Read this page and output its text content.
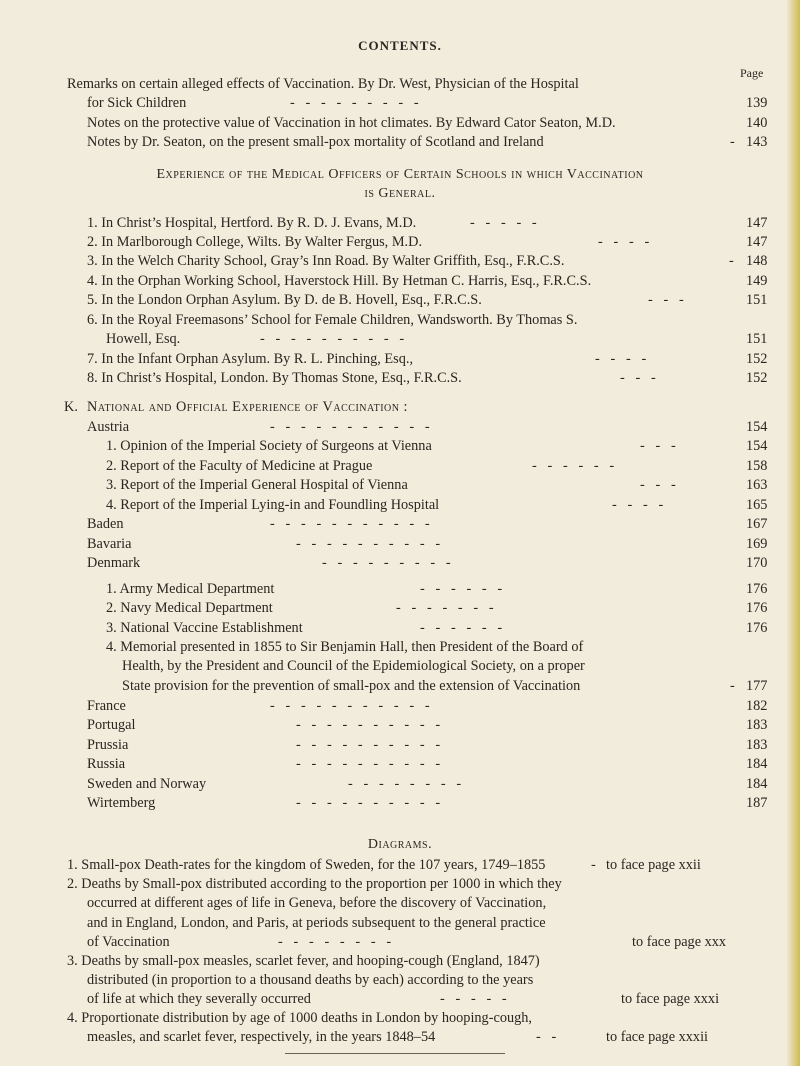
CONTENTS.
Page
Remarks on certain alleged effects of Vaccination. By Dr. West, Physician of the Hospital
for Sick Children	-   -   -   -   -   -   -   -   -	139
Notes on the protective value of Vaccination in hot climates. By Edward Cator Seaton, M.D.	140
Notes by Dr. Seaton, on the present small-pox mortality of Scotland and Ireland	- 143
Experience of the Medical Officers of Certain Schools in which Vaccination
is General.
1. In Christ’s Hospital, Hertford. By R. D. J. Evans, M.D.	-   -   -   -   -	147
2. In Marlborough College, Wilts. By Walter Fergus, M.D.	-   -   -   -	147
3. In the Welch Charity School, Gray’s Inn Road. By Walter Griffith, Esq., F.R.C.S.	- 148
4. In the Orphan Working School, Haverstock Hill. By Hetman C. Harris, Esq., F.R.C.S.	149
5. In the London Orphan Asylum. By D. de B. Hovell, Esq., F.R.C.S.	-   -   -	151
6. In the Royal Freemasons’ School for Female Children, Wandsworth. By Thomas S.
Howell, Esq.	-   -   -   -   -   -   -   -   -   -	151
7. In the Infant Orphan Asylum. By R. L. Pinching, Esq.,	-   -   -   -	152
8. In Christ’s Hospital, London. By Thomas Stone, Esq., F.R.C.S.	-   -   -	152
K. National and Official Experience of Vaccination :
Austria	-   -   -   -   -   -   -   -   -   -   -	154
1. Opinion of the Imperial Society of Surgeons at Vienna	-   -   -	154
2. Report of the Faculty of Medicine at Prague	-   -   -   -   -   -	158
3. Report of the Imperial General Hospital of Vienna	-   -   -	163
4. Report of the Imperial Lying-in and Foundling Hospital	-   -   -   -	165
Baden	-   -   -   -   -   -   -   -   -   -   -	167
Bavaria	-   -   -   -   -   -   -   -   -   -	169
Denmark	-   -   -   -   -   -   -   -   -	170
1. Army Medical Department	-   -   -   -   -   -	176
2. Navy Medical Department	-   -   -   -   -   -   -	176
3. National Vaccine Establishment	-   -   -   -   -   -	176
4. Memorial presented in 1855 to Sir Benjamin Hall, then President of the Board of
Health, by the President and Council of the Epidemiological Society, on a proper
State provision for the prevention of small-pox and the extension of Vaccination	- 177
France	-   -   -   -   -   -   -   -   -   -   -	182
Portugal	-   -   -   -   -   -   -   -   -   -	183
Prussia	-   -   -   -   -   -   -   -   -   -	183
Russia	-   -   -   -   -   -   -   -   -   -	184
Sweden and Norway	-   -   -   -   -   -   -   -	184
Wirtemberg	-   -   -   -   -   -   -   -   -   -	187
Diagrams.
1. Small-pox Death-rates for the kingdom of Sweden, for the 107 years, 1749–1855	- to face page xxii
2. Deaths by Small-pox distributed according to the proportion per 1000 in which they
occurred at different ages of life in Geneva, before the discovery of Vaccination,
and in England, London, and Paris, at periods subsequent to the general practice
of Vaccination	-   -   -   -   -   -   -   -	to face page xxx
3. Deaths by small-pox measles, scarlet fever, and hooping-cough (England, 1847)
distributed (in proportion to a thousand deaths by each) according to the years
of life at which they severally occurred	-   -   -   -   -	to face page xxxi
4. Proportionate distribution by age of 1000 deaths in London by hooping-cough,
measles, and scarlet fever, respectively, in the years 1848–54	-   -	to face page xxxii
